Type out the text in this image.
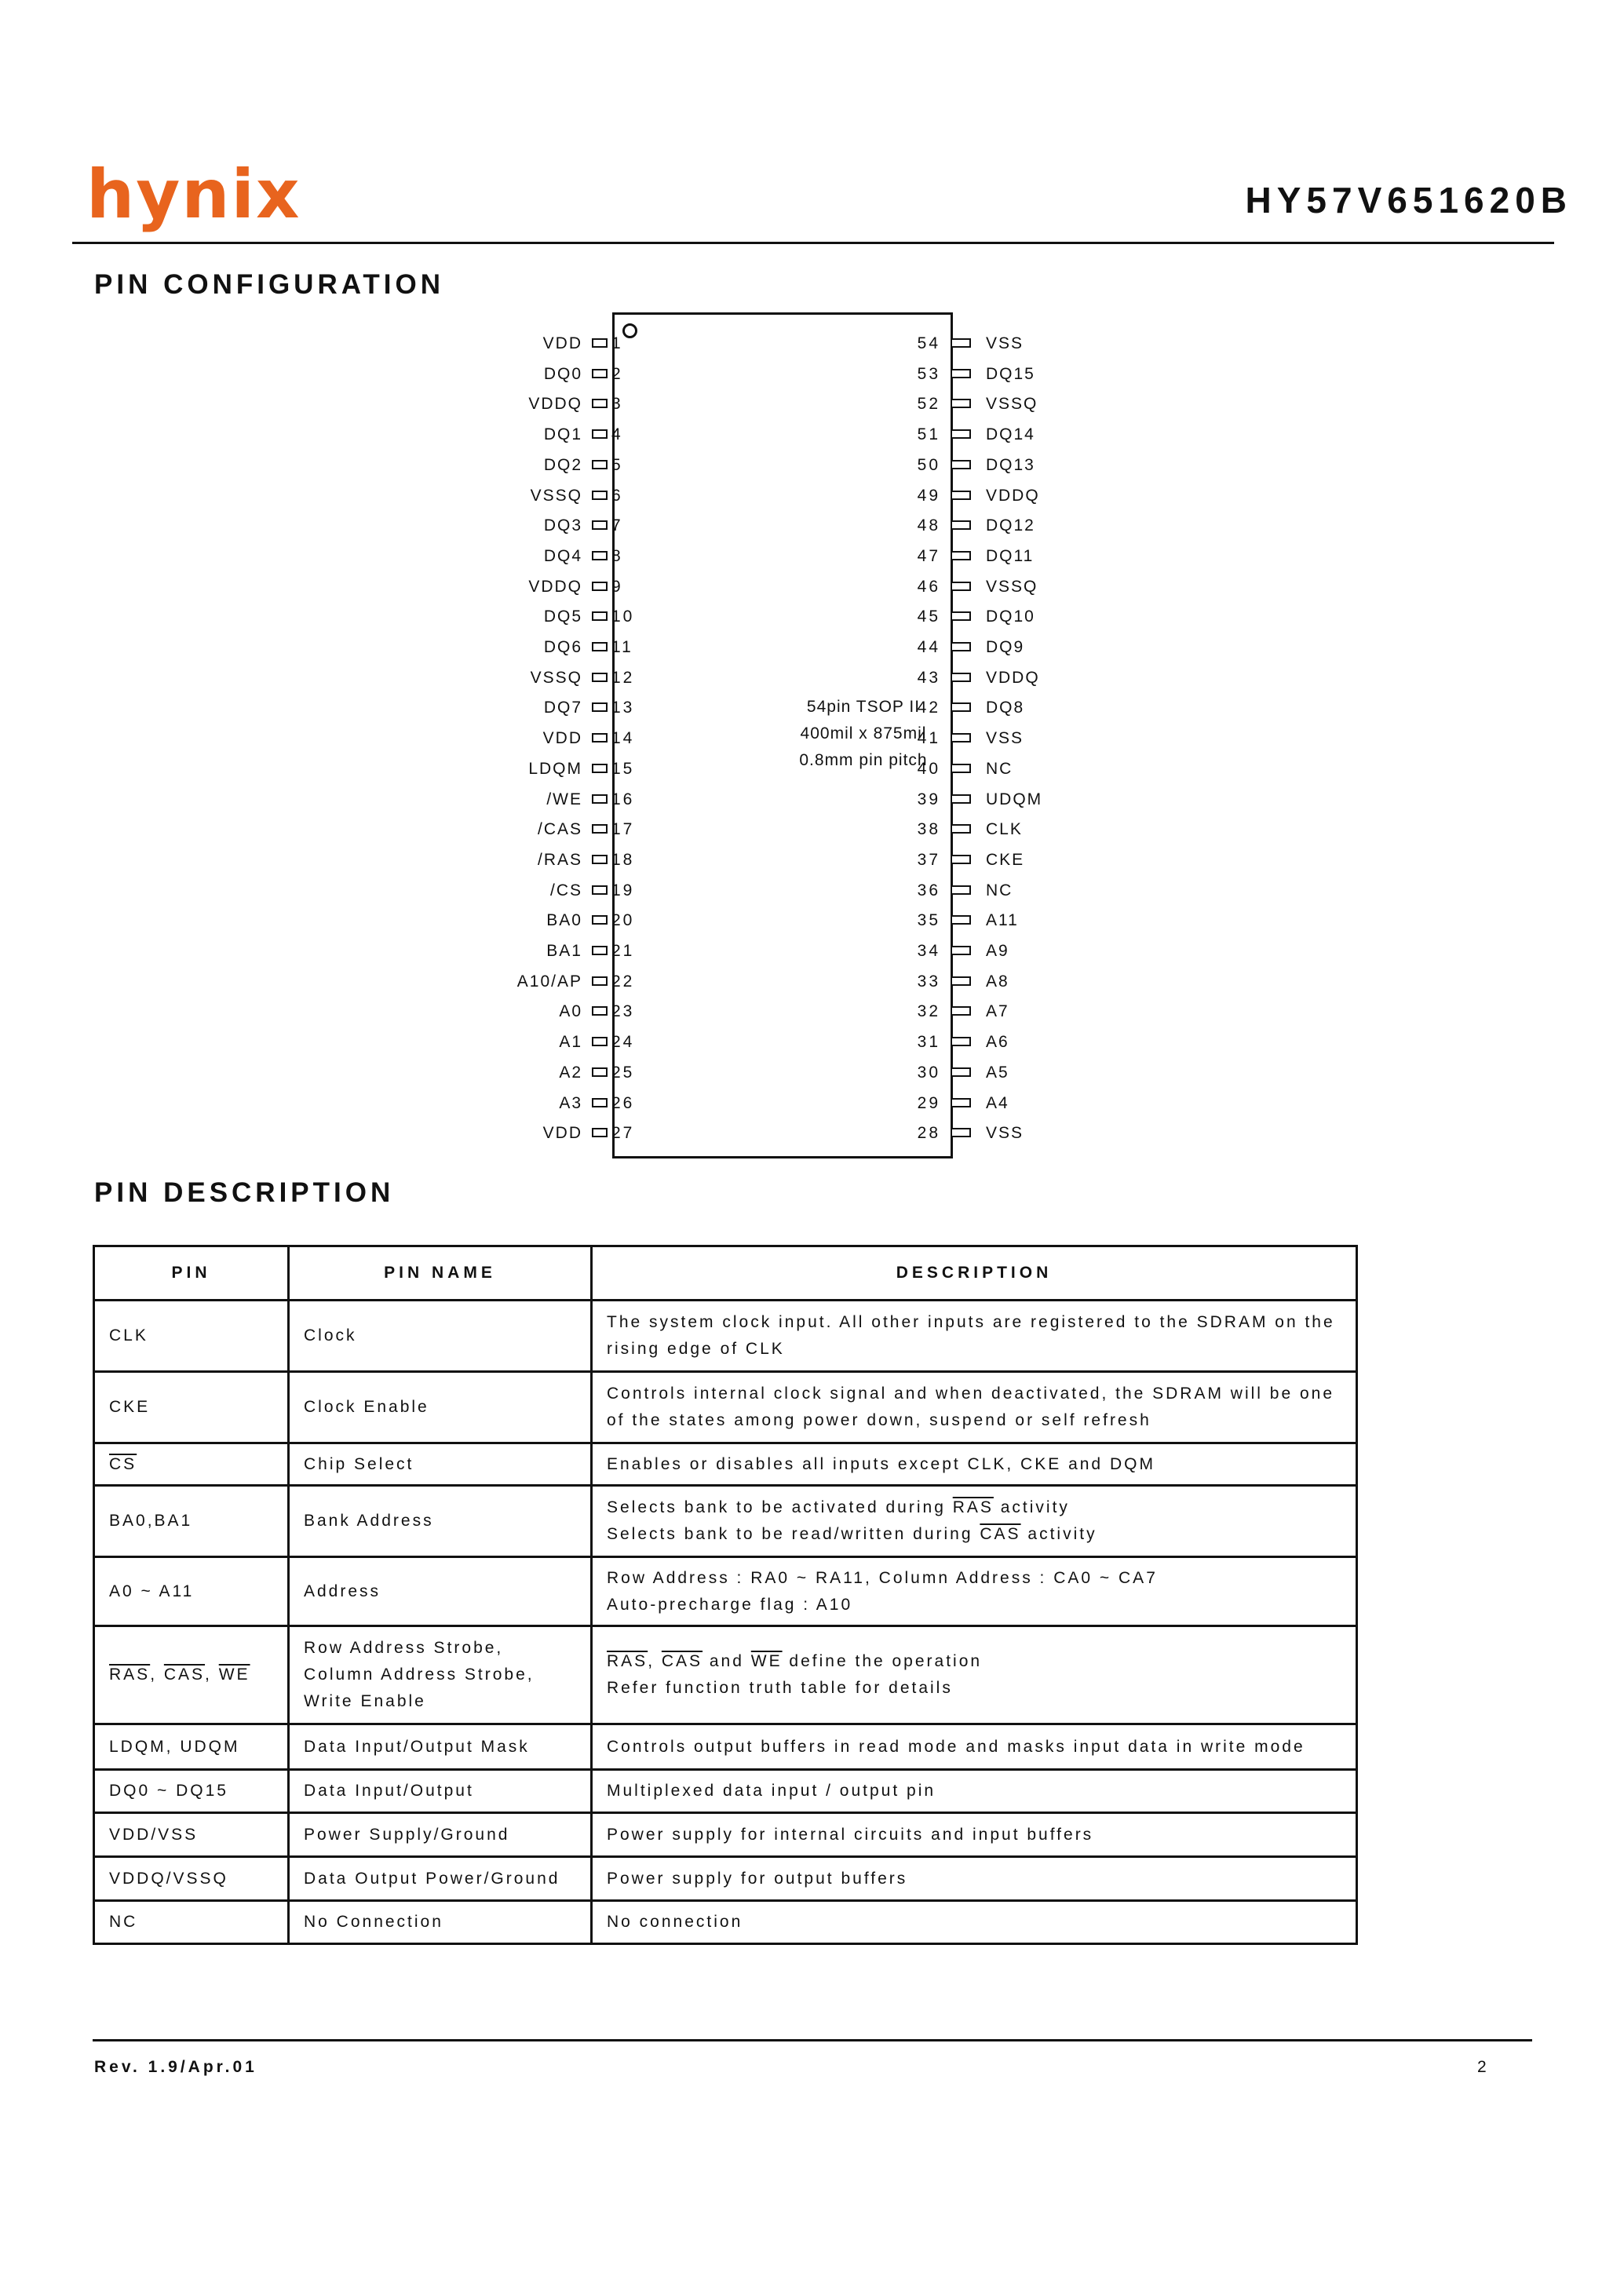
hynix	HY57V651620B
PIN CONFIGURATION
54pin TSOP II
400mil x 875mil
0.8mm pin pitch
VDD 1
DQ0 2
VDDQ 3
DQ1 4
DQ2 5
VSSQ 6
DQ3 7
DQ4 8
VDDQ 9
DQ5 10
DQ6 11
VSSQ 12
DQ7 13
VDD 14
LDQM 15
/WE 16
/CAS 17
/RAS 18
/CS 19
BA0 20
BA1 21
A10/AP 22
A0 23
A1 24
A2 25
A3 26
VDD 27
54	VSS
53	DQ15
52	VSSQ
51	DQ14
50	DQ13
49	VDDQ
48	DQ12
47	DQ11
46	VSSQ
45	DQ10
44	DQ9
43	VDDQ
42	DQ8
41	VSS
40	NC
39	UDQM
38	CLK
37	CKE
36	NC
35	A11
34	A9
33	A8
32	A7
31	A6
30	A5
29	A4
28	VSS
PIN DESCRIPTION
PIN	PIN NAME	DESCRIPTION
CLK	Clock	The system clock input. All other inputs are registered to the SDRAM on the
rising edge of CLK

CKE	Clock Enable	Controls internal clock signal and when deactivated, the SDRAM will be one
of the states among power down, suspend or self refresh

$\overline{CS}$	Chip Select	Enables or disables all inputs except CLK, CKE and DQM
BA0,BA1	Bank Address	Selects bank to be activated during $\overline{RAS}$ activity
Selects bank to be read/written during $\overline{CAS}$ activity

A0 ~ A11	Address	Row Address : RA0 ~ RA11, Column Address : CA0 ~ CA7
Auto-precharge flag : A10

$\overline{RAS}$, $\overline{CAS}$, $\overline{WE}$	Row Address Strobe,
Column Address Strobe,
Write Enable	$\overline{RAS}$, $\overline{CAS}$ and $\overline{WE}$ define the operation
Refer function truth table for details

LDQM, UDQM	Data Input/Output Mask	Controls output buffers in read mode and masks input data in write mode
DQ0 ~ DQ15	Data Input/Output	Multiplexed data input / output pin
VDD/VSS	Power Supply/Ground	Power supply for internal circuits and input buffers
VDDQ/VSSQ	Data Output Power/Ground	Power supply for output buffers
NC	No Connection	No connection
Rev. 1.9/Apr.01	2
